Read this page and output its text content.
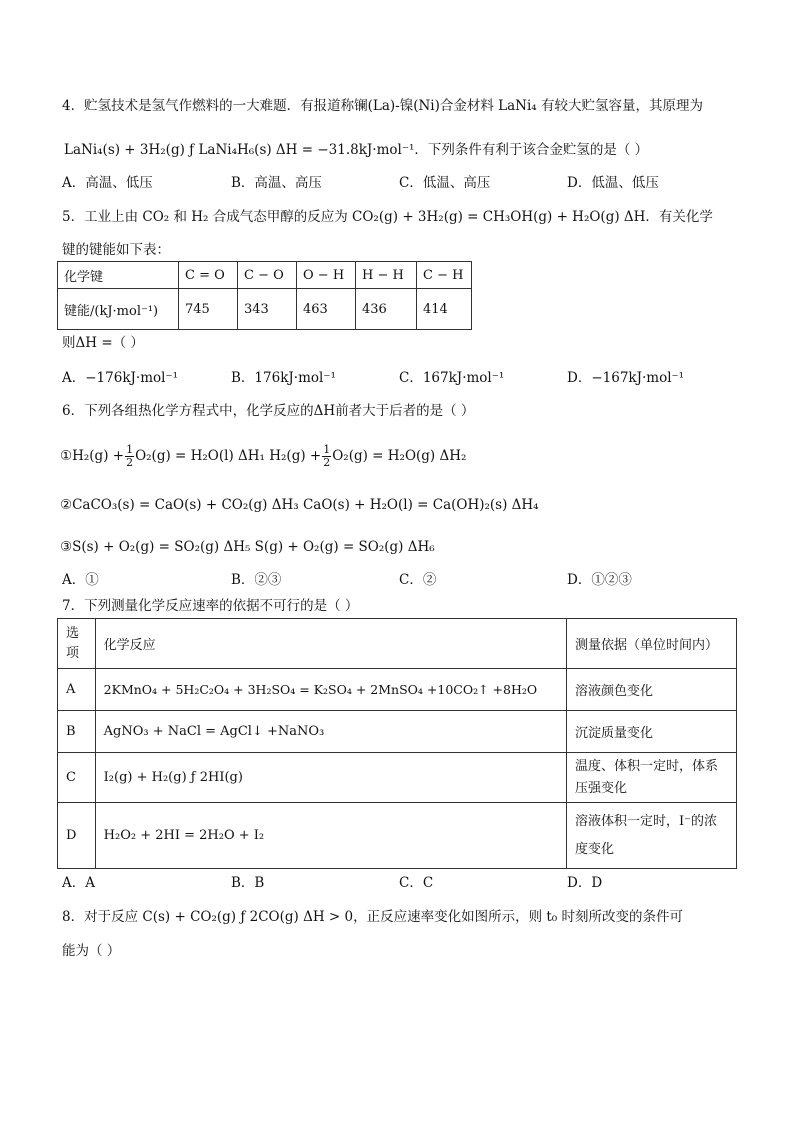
4．贮氢技术是氢气作燃料的一大难题．有报道称镧(La)-镍(Ni)合金材料 LaNi₄ 有较大贮氢容量，其原理为
LaNi₄(s) + 3H₂(g) ƒ LaNi₄H₆(s) ΔH = −31.8kJ·mol⁻¹．下列条件有利于该合金贮氢的是（ ）
A．高温、低压	B．高温、高压	C．低温、高压	D．低温、低压
5．工业上由 CO₂ 和 H₂ 合成气态甲醇的反应为 CO₂(g) + 3H₂(g) = CH₃OH(g) + H₂O(g) ΔH．有关化学
键的键能如下表：
化学键	C = O	C − O	O − H	H − H	C − H
键能/(kJ·mol⁻¹)	745	343	463	436	414
则ΔH =（ ）
A．−176kJ·mol⁻¹	B．176kJ·mol⁻¹	C．167kJ·mol⁻¹	D．−167kJ·mol⁻¹
6．下列各组热化学方程式中，化学反应的ΔH前者大于后者的是（ ）
①H₂(g) + $\frac{1}{2} O_2(g) = H_2O(l)$ ΔH₁ $H_2(g) + \frac{1}{2} O_2(g) = H_2O(g)$ ΔH₂
②CaCO₃(s) = CaO(s) + CO₂(g) ΔH₃ CaO(s) + H₂O(l) = Ca(OH)₂(s) ΔH₄
③S(s) + O₂(g) = SO₂(g) ΔH₅ S(g) + O₂(g) = SO₂(g) ΔH₆
A．①	B．②③	C．②	D．①②③
7．下列测量化学反应速率的依据不可行的是（ ）
选项	化学反应	测量依据（单位时间内）
A	2KMnO₄ + 5H₂C₂O₄ + 3H₂SO₄ = K₂SO₄ + 2MnSO₄ +10CO₂↑ +8H₂O	溶液颜色变化
B	AgNO₃ + NaCl = AgCl↓ +NaNO₃	沉淀质量变化
C	I₂(g) + H₂(g) ƒ 2HI(g)	温度、体积一定时，体系压强变化
D	H₂O₂ + 2HI = 2H₂O + I₂	溶液体积一定时，I⁻的浓度变化
A．A	B．B	C．C	D．D
8．对于反应 C(s) + CO₂(g) ƒ 2CO(g) ΔH > 0，正反应速率变化如图所示，则 t₀ 时刻所改变的条件可
能为（ ）
